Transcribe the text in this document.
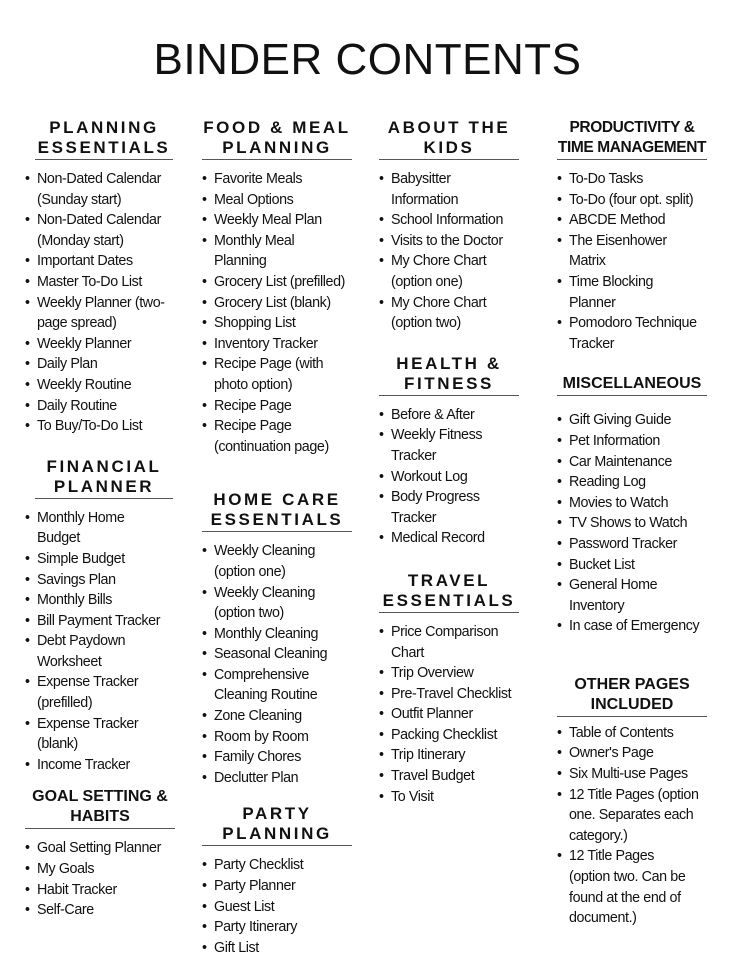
BINDER CONTENTS
PLANNING
ESSENTIALS
• Non-Dated Calendar
(Sunday start)
• Non-Dated Calendar
(Monday start)
• Important Dates
• Master To-Do List
• Weekly Planner (two-
page spread)
• Weekly Planner
• Daily Plan
• Weekly Routine
• Daily Routine
• To Buy/To-Do List
FINANCIAL
PLANNER
• Monthly Home
Budget
• Simple Budget
• Savings Plan
• Monthly Bills
• Bill Payment Tracker
• Debt Paydown
Worksheet
• Expense Tracker
(prefilled)
• Expense Tracker
(blank)
• Income Tracker
GOAL SETTING &
HABITS
• Goal Setting Planner
• My Goals
• Habit Tracker
• Self-Care
FOOD & MEAL
PLANNING
• Favorite Meals
• Meal Options
• Weekly Meal Plan
• Monthly Meal
Planning
• Grocery List (prefilled)
• Grocery List (blank)
• Shopping List
• Inventory Tracker
• Recipe Page (with
photo option)
• Recipe Page
• Recipe Page
(continuation page)
HOME CARE
ESSENTIALS
• Weekly Cleaning
(option one)
• Weekly Cleaning
(option two)
• Monthly Cleaning
• Seasonal Cleaning
• Comprehensive
Cleaning Routine
• Zone Cleaning
• Room by Room
• Family Chores
• Declutter Plan
PARTY
PLANNING
• Party Checklist
• Party Planner
• Guest List
• Party Itinerary
• Gift List
ABOUT THE
KIDS
• Babysitter
Information
• School Information
• Visits to the Doctor
• My Chore Chart
(option one)
• My Chore Chart
(option two)
HEALTH &
FITNESS
• Before & After
• Weekly Fitness
Tracker
• Workout Log
• Body Progress
Tracker
• Medical Record
TRAVEL
ESSENTIALS
• Price Comparison
Chart
• Trip Overview
• Pre-Travel Checklist
• Outfit Planner
• Packing Checklist
• Trip Itinerary
• Travel Budget
• To Visit
PRODUCTIVITY &
TIME MANAGEMENT
• To-Do Tasks
• To-Do (four opt. split)
• ABCDE Method
• The Eisenhower
Matrix
• Time Blocking
Planner
• Pomodoro Technique
Tracker
MISCELLANEOUS
• Gift Giving Guide
• Pet Information
• Car Maintenance
• Reading Log
• Movies to Watch
• TV Shows to Watch
• Password Tracker
• Bucket List
• General Home
Inventory
• In case of Emergency
OTHER PAGES
INCLUDED
• Table of Contents
• Owner's Page
• Six Multi-use Pages
• 12 Title Pages (option
one. Separates each
category.)
• 12 Title Pages
(option two. Can be
found at the end of
document.)
